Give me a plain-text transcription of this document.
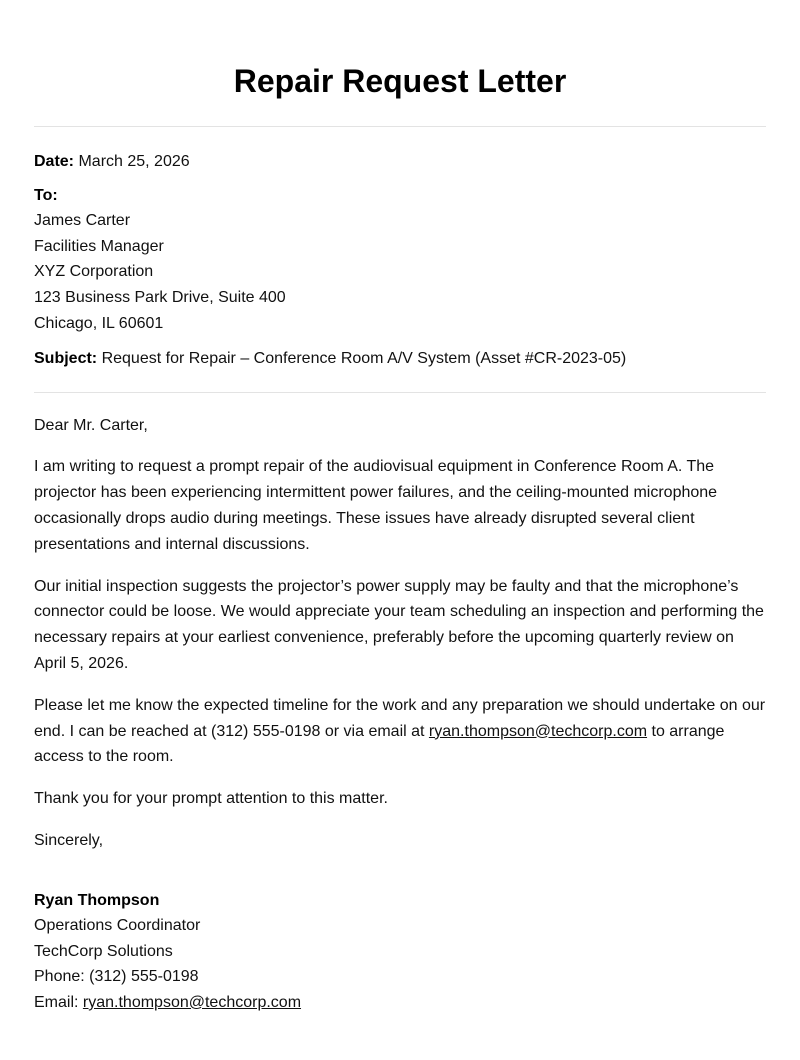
Repair Request Letter
Date: March 25, 2026
To:
James Carter
Facilities Manager
XYZ Corporation
123 Business Park Drive, Suite 400
Chicago, IL 60601
Subject: Request for Repair – Conference Room A/V System (Asset #CR-2023-05)
Dear Mr. Carter,

I am writing to request a prompt repair of the audiovisual equipment in Conference Room A. The projector has been experiencing intermittent power failures, and the ceiling-mounted microphone occasionally drops audio during meetings. These issues have already disrupted several client presentations and internal discussions.

Our initial inspection suggests the projector’s power supply may be faulty and that the microphone’s connector could be loose. We would appreciate your team scheduling an inspection and performing the necessary repairs at your earliest convenience, preferably before the upcoming quarterly review on April 5, 2026.

Please let me know the expected timeline for the work and any preparation we should undertake on our end. I can be reached at (312) 555-0198 or via email at ryan.thompson@techcorp.com to arrange access to the room.

Thank you for your prompt attention to this matter.

Sincerely,
Ryan Thompson
Operations Coordinator
TechCorp Solutions
Phone: (312) 555-0198
Email: ryan.thompson@techcorp.com
